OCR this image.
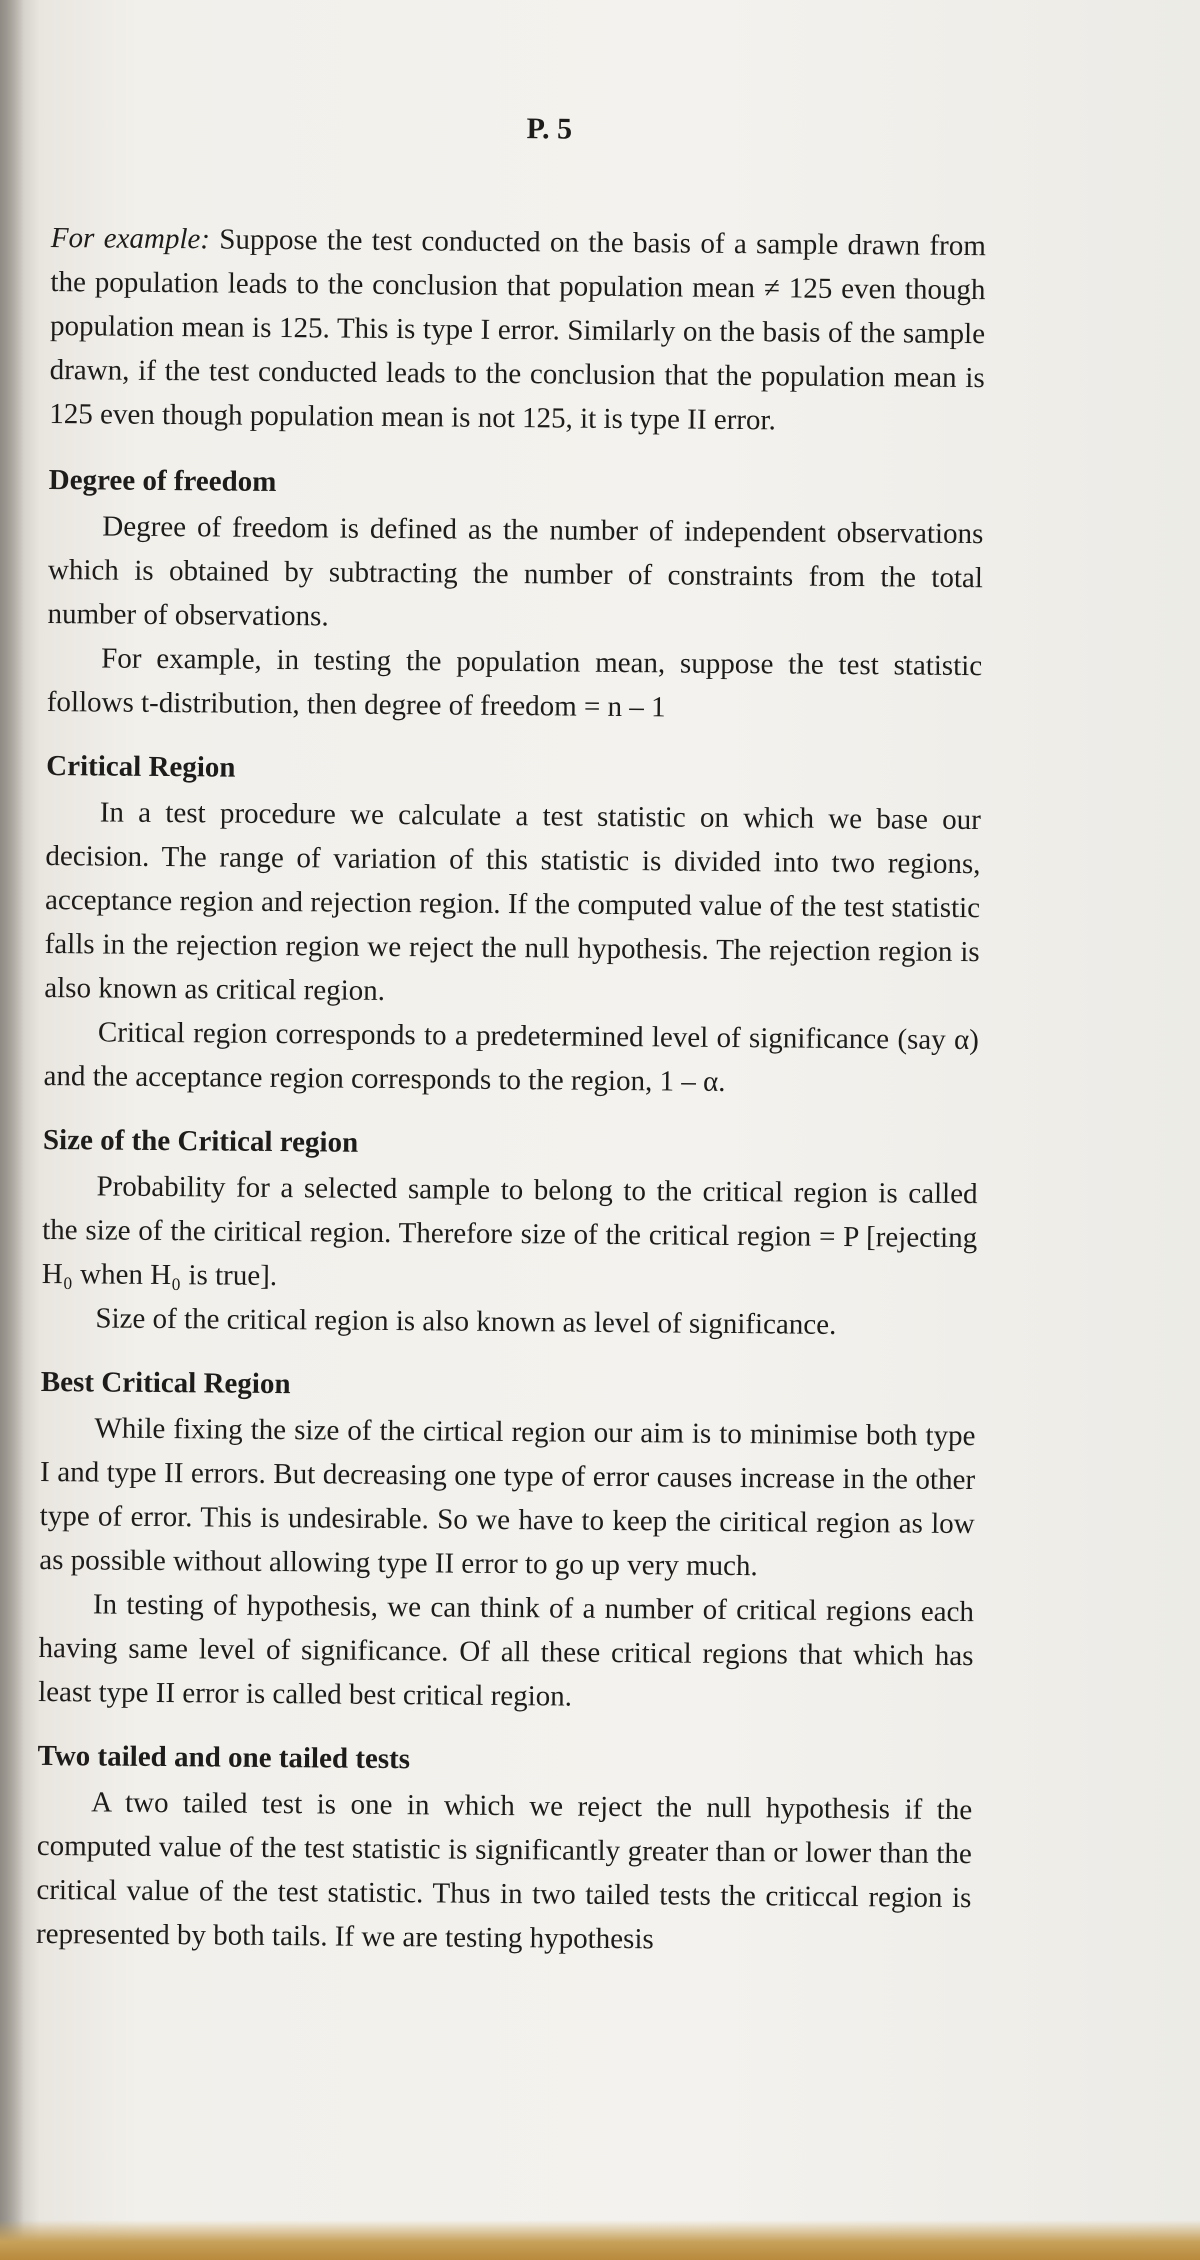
P. 5

For example: Suppose the test conducted on the basis of a sample drawn from the population leads to the conclusion that population mean ≠ 125 even though population mean is 125. This is type I error. Similarly on the basis of the sample drawn, if the test conducted leads to the conclusion that the population mean is 125 even though population mean is not 125, it is type II error.

Degree of freedom

Degree of freedom is defined as the number of independent observations which is obtained by subtracting the number of constraints from the total number of observations.

For example, in testing the population mean, suppose the test statistic follows t-distribution, then degree of freedom = n – 1

Critical Region

In a test procedure we calculate a test statistic on which we base our decision. The range of variation of this statistic is divided into two regions, acceptance region and rejection region. If the computed value of the test statistic falls in the rejection region we reject the null hypothesis. The rejection region is also known as critical region.

Critical region corresponds to a predetermined level of significance (say α) and the acceptance region corresponds to the region, 1 – α.

Size of the Critical region

Probability for a selected sample to belong to the critical region is called the size of the ciritical region. Therefore size of the critical region = P [rejecting H₀ when H₀ is true].

Size of the critical region is also known as level of significance.

Best Critical Region

While fixing the size of the cirtical region our aim is to minimise both type I and type II errors. But decreasing one type of error causes increase in the other type of error. This is undesirable. So we have to keep the ciritical region as low as possible without allowing type II error to go up very much.

In testing of hypothesis, we can think of a number of critical regions each having same level of significance. Of all these critical regions that which has least type II error is called best critical region.

Two tailed and one tailed tests

A two tailed test is one in which we reject the null hypothesis if the computed value of the test statistic is significantly greater than or lower than the critical value of the test statistic. Thus in two tailed tests the criticcal region is represented by both tails. If we are testing hypothesis
